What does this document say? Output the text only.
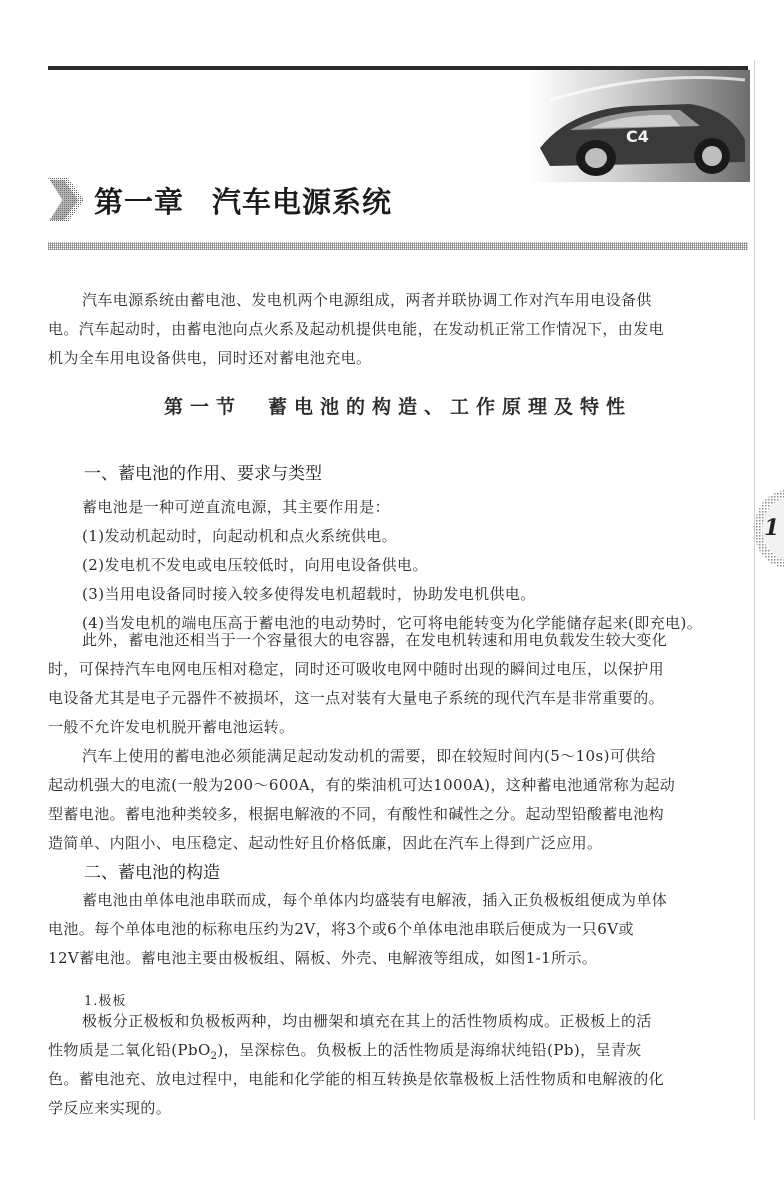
C4
第一章 汽车电源系统
汽车电源系统由蓄电池、发电机两个电源组成，两者并联协调工作对汽车用电设备供
电。汽车起动时，由蓄电池向点火系及起动机提供电能，在发动机正常工作情况下，由发电
机为全车用电设备供电，同时还对蓄电池充电。
第一节 蓄电池的构造、工作原理及特性
一、蓄电池的作用、要求与类型
蓄电池是一种可逆直流电源，其主要作用是：
(1)发动机起动时，向起动机和点火系统供电。
(2)发电机不发电或电压较低时，向用电设备供电。
(3)当用电设备同时接入较多使得发电机超载时，协助发电机供电。
(4)当发电机的端电压高于蓄电池的电动势时，它可将电能转变为化学能储存起来(即充电)。
此外，蓄电池还相当于一个容量很大的电容器，在发电机转速和用电负载发生较大变化
时，可保持汽车电网电压相对稳定，同时还可吸收电网中随时出现的瞬间过电压，以保护用
电设备尤其是电子元器件不被损坏，这一点对装有大量电子系统的现代汽车是非常重要的。
一般不允许发电机脱开蓄电池运转。
汽车上使用的蓄电池必须能满足起动发动机的需要，即在较短时间内(5～10s)可供给
起动机强大的电流(一般为200～600A，有的柴油机可达1000A)，这种蓄电池通常称为起动
型蓄电池。蓄电池种类较多，根据电解液的不同，有酸性和碱性之分。起动型铅酸蓄电池构
造简单、内阻小、电压稳定、起动性好且价格低廉，因此在汽车上得到广泛应用。
二、蓄电池的构造
蓄电池由单体电池串联而成，每个单体内均盛装有电解液，插入正负极板组便成为单体
电池。每个单体电池的标称电压约为2V，将3个或6个单体电池串联后便成为一只6V或
12V蓄电池。蓄电池主要由极板组、隔板、外壳、电解液等组成，如图1-1所示。
1.极板
极板分正极板和负极板两种，均由栅架和填充在其上的活性物质构成。正极板上的活
性物质是二氧化铅(PbO$_2$)，呈深棕色。负极板上的活性物质是海绵状纯铅(Pb)，呈青灰
色。蓄电池充、放电过程中，电能和化学能的相互转换是依靠极板上活性物质和电解液的化
学反应来实现的。
1
